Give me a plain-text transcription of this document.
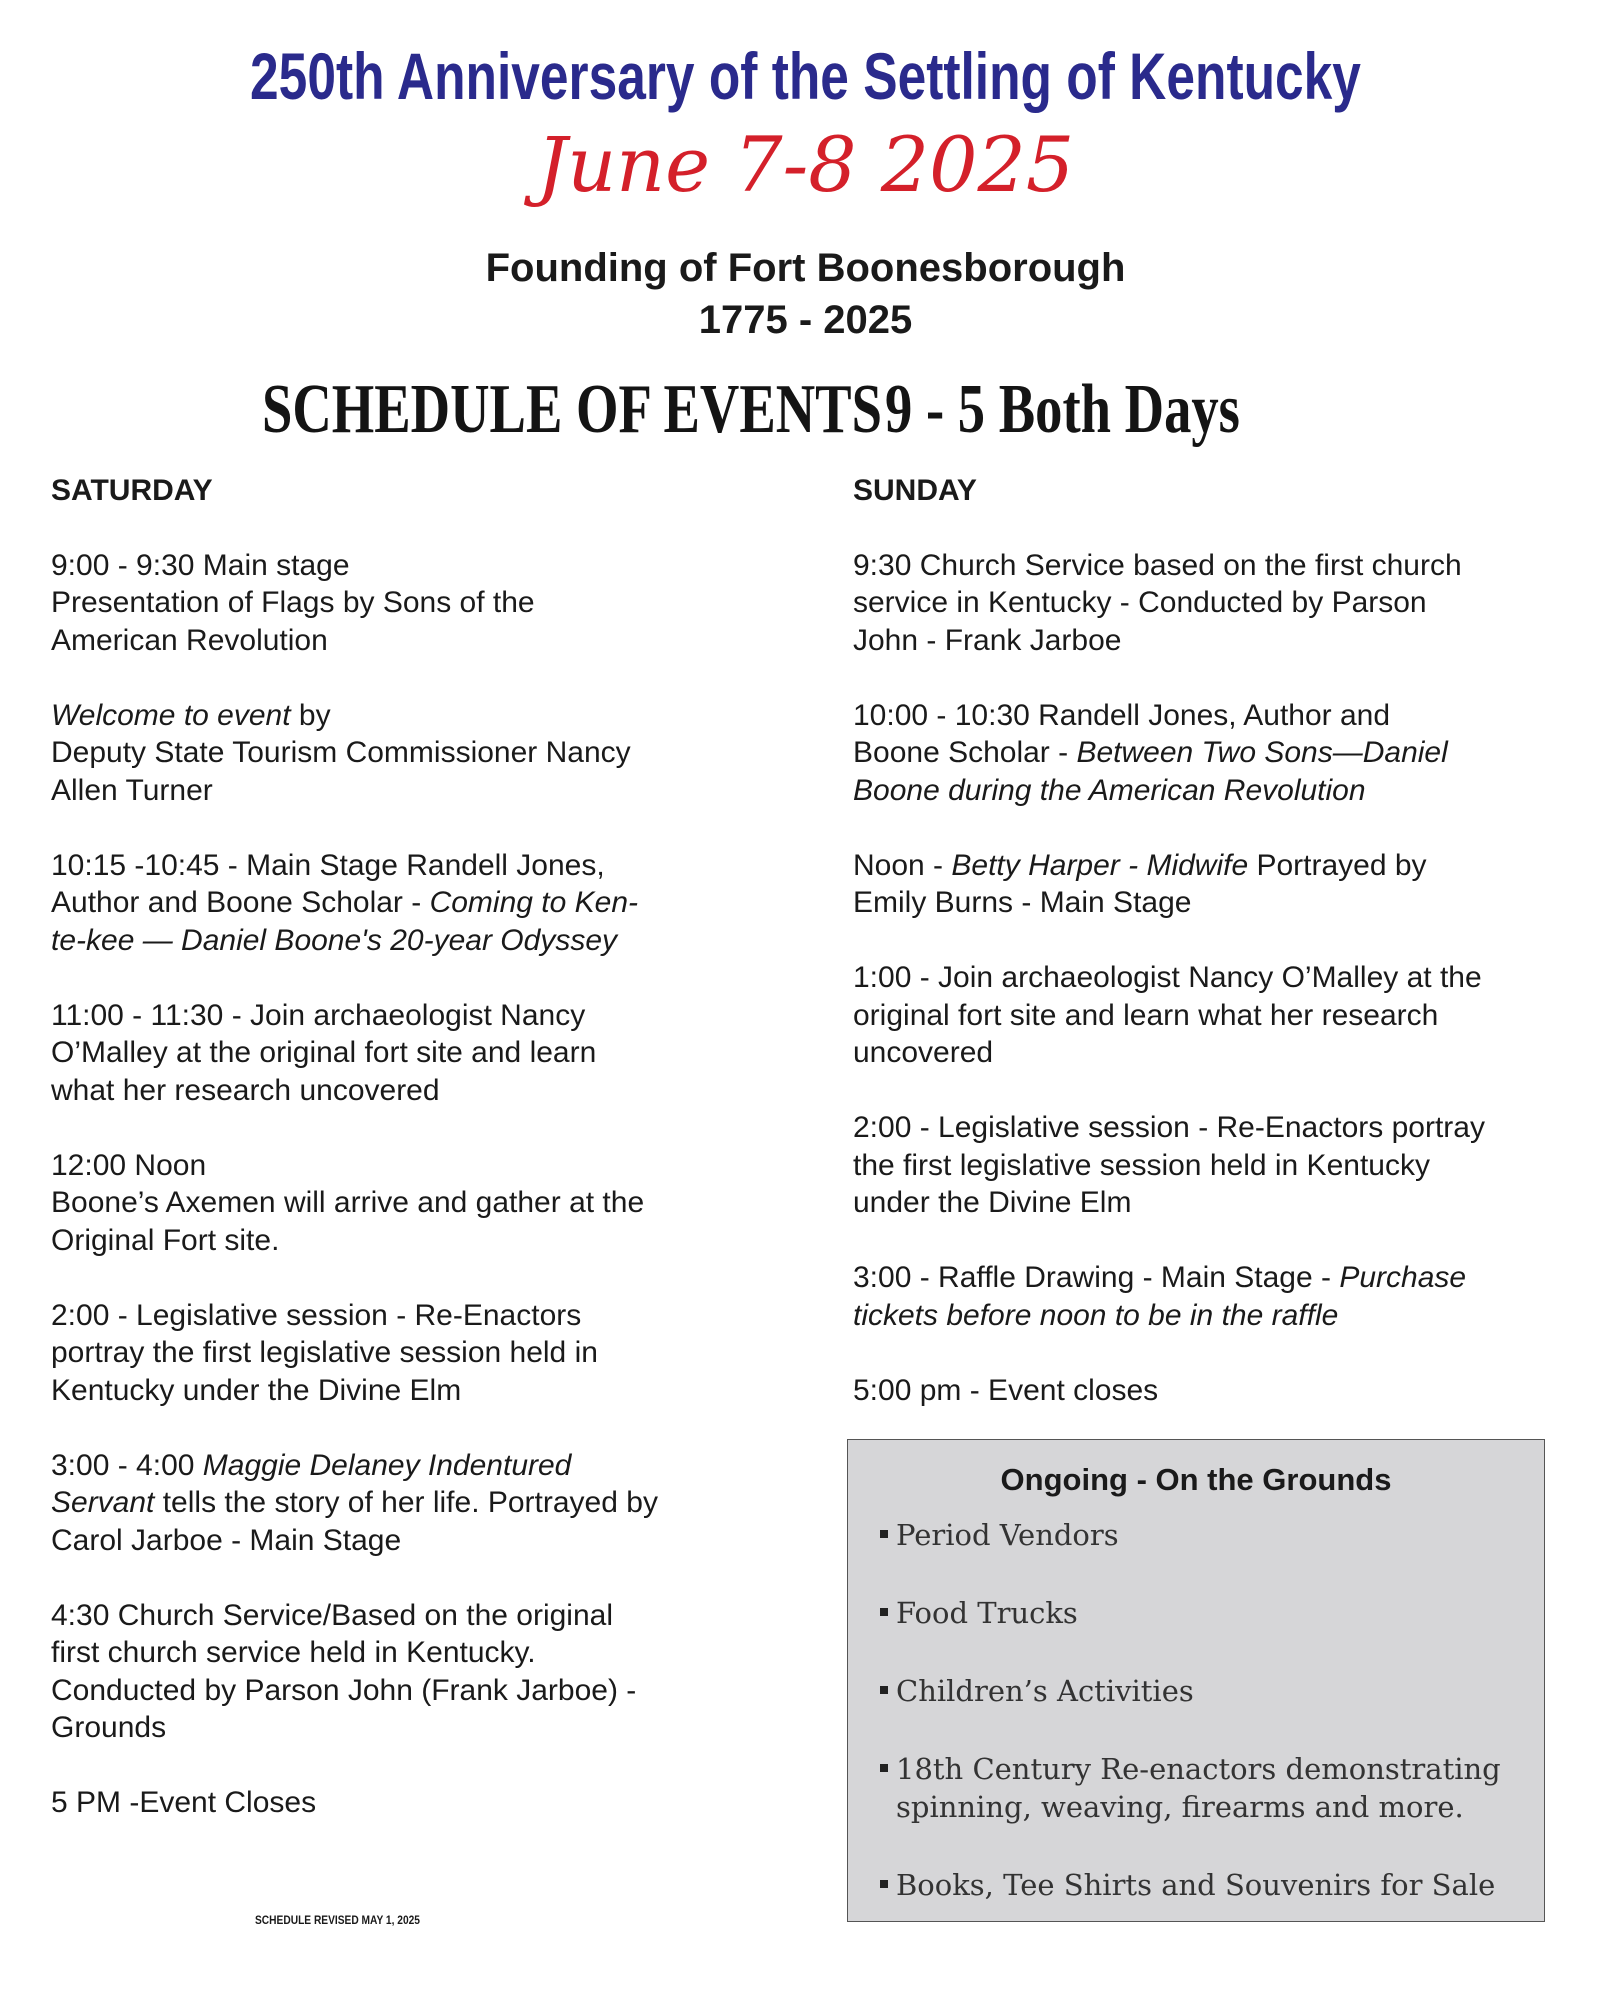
250th Anniversary of the Settling of Kentucky
June 7-8 2025
Founding of Fort Boonesborough
1775 - 2025
SCHEDULE OF EVENTS 9 - 5 Both Days
SATURDAY
9:00 - 9:30 Main stage
Presentation of Flags by Sons of the
American Revolution
Welcome to event by
Deputy State Tourism Commissioner Nancy
Allen Turner
10:15 -10:45 - Main Stage Randell Jones,
Author and Boone Scholar - Coming to Ken-
te-kee — Daniel Boone's 20-year Odyssey
11:00 - 11:30 - Join archaeologist Nancy
O’Malley at the original fort site and learn
what her research uncovered
12:00 Noon
Boone’s Axemen will arrive and gather at the
Original Fort site.
2:00 - Legislative session - Re-Enactors
portray the first legislative session held in
Kentucky under the Divine Elm
3:00 - 4:00 Maggie Delaney Indentured
Servant tells the story of her life. Portrayed by
Carol Jarboe - Main Stage
4:30 Church Service/Based on the original
first church service held in Kentucky.
Conducted by Parson John (Frank Jarboe) -
Grounds
5 PM -Event Closes
SUNDAY
9:30 Church Service based on the first church
service in Kentucky - Conducted by Parson
John - Frank Jarboe
10:00 - 10:30 Randell Jones, Author and
Boone Scholar - Between Two Sons—Daniel
Boone during the American Revolution
Noon - Betty Harper - Midwife Portrayed by
Emily Burns - Main Stage
1:00 - Join archaeologist Nancy O’Malley at the
original fort site and learn what her research
uncovered
2:00 - Legislative session - Re-Enactors portray
the first legislative session held in Kentucky
under the Divine Elm
3:00 - Raffle Drawing - Main Stage - Purchase
tickets before noon to be in the raffle
5:00 pm - Event closes
Ongoing - On the Grounds
Period Vendors
Food Trucks
Children’s Activities
18th Century Re-enactors demonstrating
spinning, weaving, firearms and more.
Books, Tee Shirts and Souvenirs for Sale
SCHEDULE REVISED MAY 1, 2025
